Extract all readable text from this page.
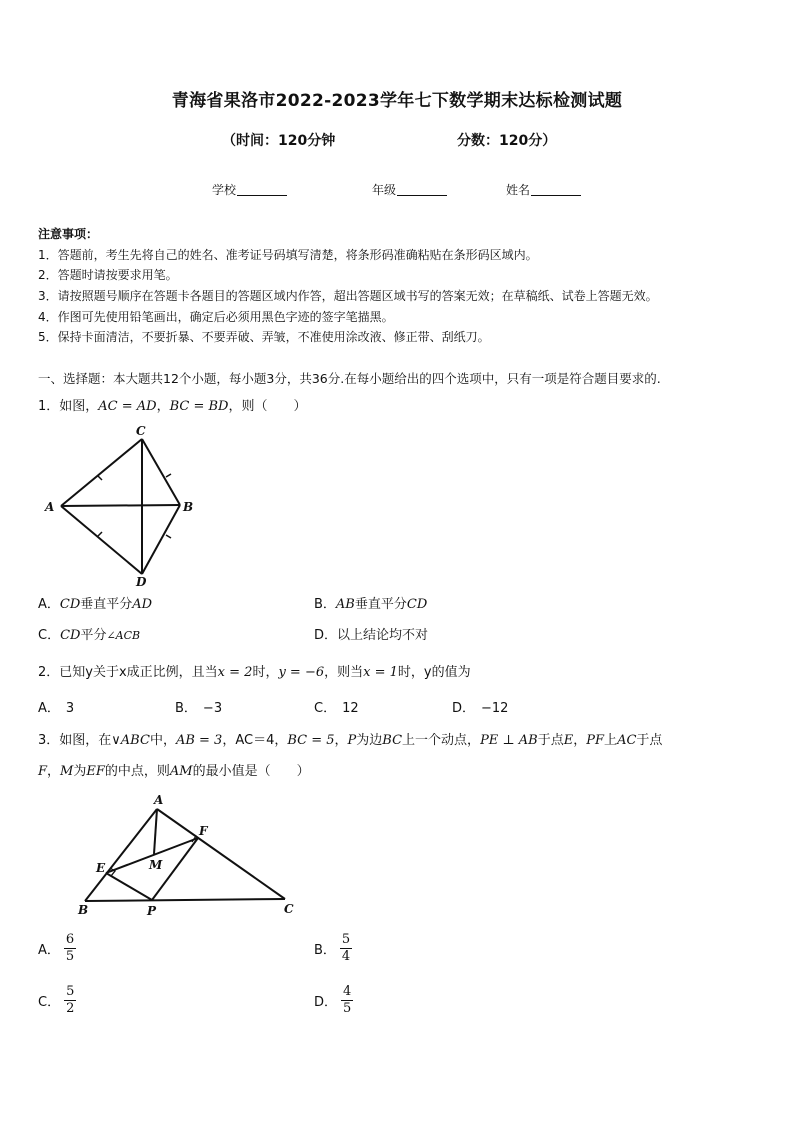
青海省果洛市2022-2023学年七下数学期末达标检测试题
（时间：120分钟	分数：120分）
学校	年级	姓名
注意事项：
1．答题前，考生先将自己的姓名、准考证号码填写清楚，将条形码准确粘贴在条形码区域内。
2．答题时请按要求用笔。
3．请按照题号顺序在答题卡各题目的答题区域内作答，超出答题区域书写的答案无效；在草稿纸、试卷上答题无效。
4．作图可先使用铅笔画出，确定后必须用黑色字迹的签字笔描黑。
5．保持卡面清洁，不要折暴、不要弄破、弄皱，不准使用涂改液、修正带、刮纸刀。
一、选择题：本大题共12个小题，每小题3分，共36分.在每小题给出的四个选项中，只有一项是符合题目要求的.
1．如图，AC = AD，BC = BD，则（　　）
C
A	B
D
A．CD垂直平分AD	B．AB垂直平分CD
C．CD平分∠ACB	D．以上结论均不对
2．已知y关于x成正比例，且当x = 2时，y = −6，则当x = 1时，y的值为
A． 3	B． −3	C． 12	D． −12
3．如图，在∨ABC中，AB = 3，AC＝4，BC = 5，P为边BC上一个动点，PE ⊥ AB于点E，PF上AC于点
F，M为EF的中点，则AM的最小值是（　　）
A
F
E	M
B	P	C
A． $\frac{6}{5}$	B． $\frac{5}{4}$
C． $\frac{5}{2}$	D． $\frac{4}{5}$
